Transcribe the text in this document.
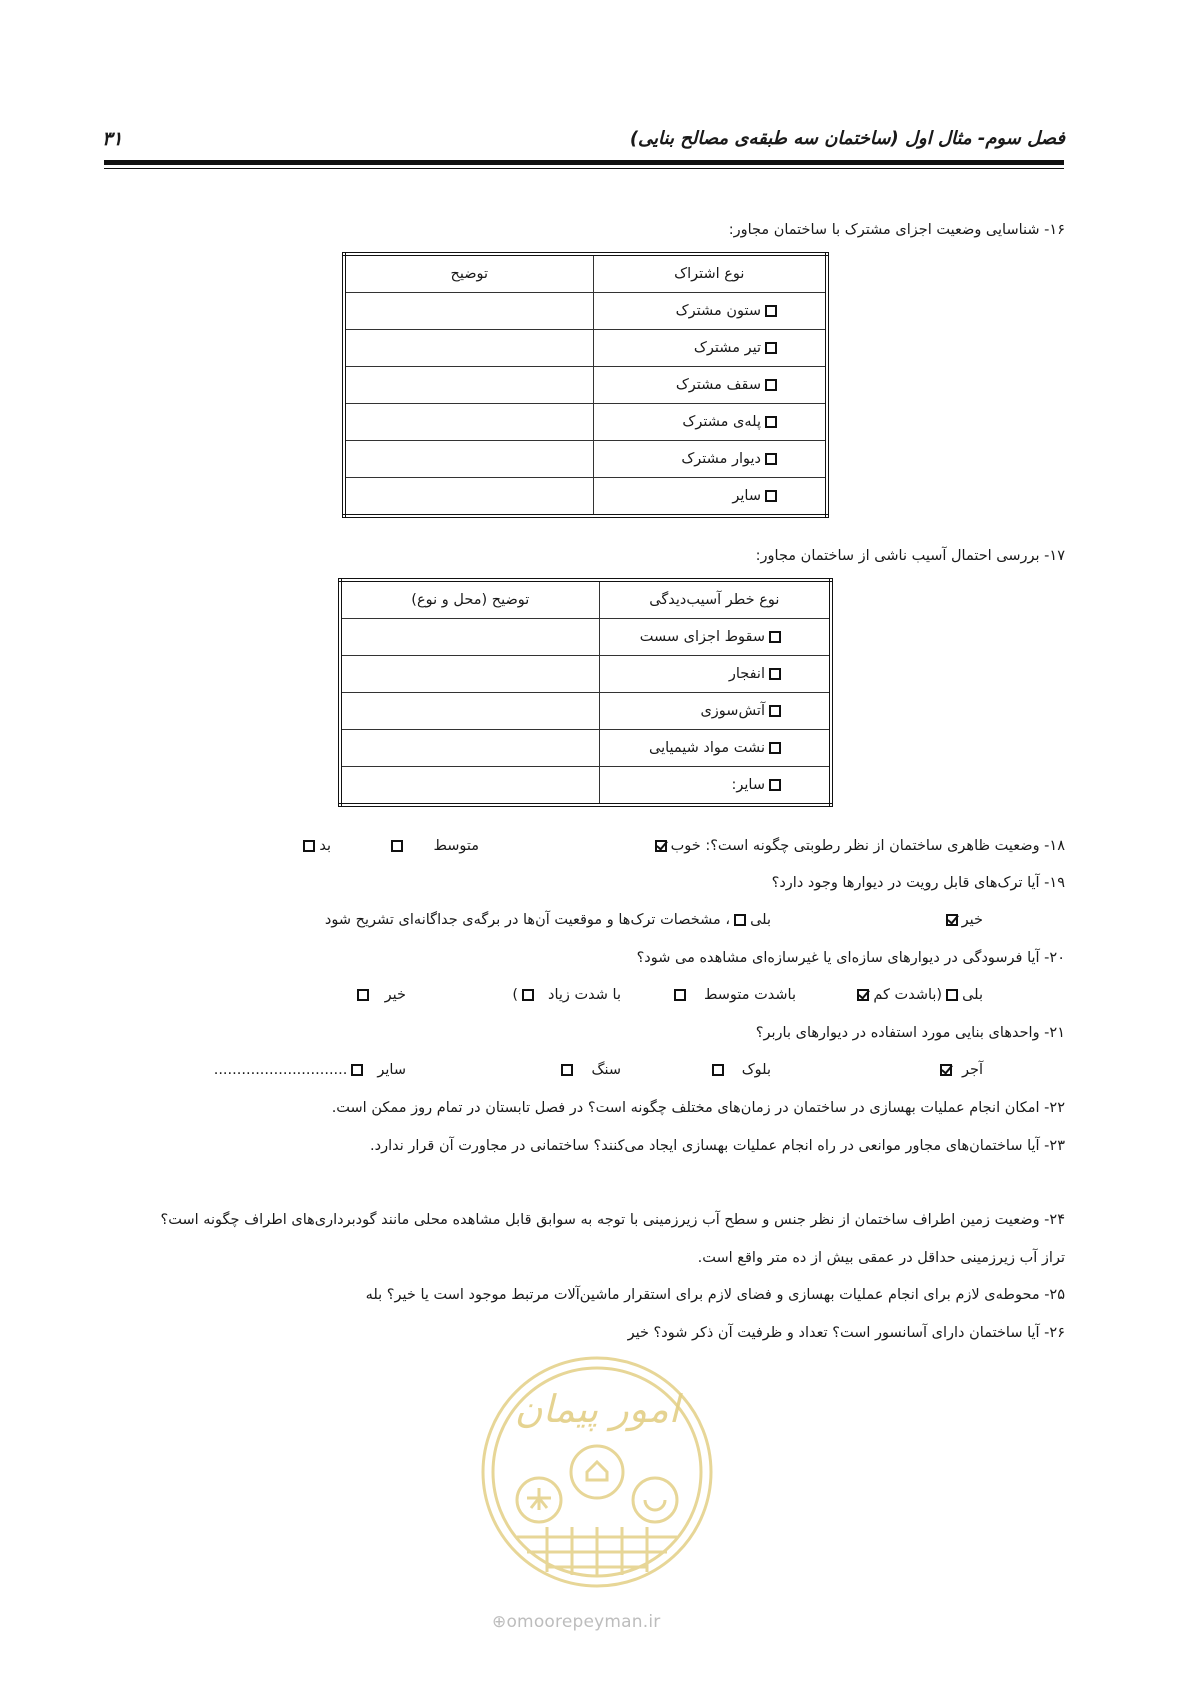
فصل سوم- مثال اول (ساختمان سه طبقه‌ی مصالح بنایی)
۳۱
۱۶- شناسایی وضعیت اجزای مشترک با ساختمان مجاور:
نوع اشتراک	توضیح
ستون مشترک	
تیر مشترک	
سقف مشترک	
پله‌ی مشترک	
دیوار مشترک	
سایر	
۱۷- بررسی احتمال آسیب ناشی از ساختمان مجاور:
نوع خطر آسیب‌دیدگی	توضیح (محل و نوع)
سقوط اجزای سست	
انفجار	
آتش‌سوزی	
نشت مواد شیمیایی	
سایر:	
۱۸- وضعیت ظاهری ساختمان از نظر رطوبتی چگونه است؟: خوب
متوسط
بد
۱۹- آیا ترک‌های قابل رویت در دیوارها وجود دارد؟
خیر
بلی، مشخصات ترک‌ها و موقعیت آن‌ها در برگه‌ی جداگانه‌ای تشریح شود
۲۰- آیا فرسودگی در دیوارهای سازه‌ای یا غیرسازه‌ای مشاهده می شود؟
بلی(باشدت کم
باشدت متوسط
با شدت زیاد)
خیر
۲۱- واحدهای بنایی مورد استفاده در دیوارهای باربر؟
آجر
بلوک
سنگ
سایر.............................
۲۲- امکان انجام عملیات بهسازی در ساختمان در زمان‌های مختلف چگونه است؟ در فصل تابستان در تمام روز ممکن است.
۲۳- آیا ساختمان‌های مجاور موانعی در راه انجام عملیات بهسازی ایجاد می‌کنند؟ ساختمانی در مجاورت آن قرار ندارد.
۲۴- وضعیت زمین اطراف ساختمان از نظر جنس و سطح آب زیرزمینی با توجه به سوابق قابل مشاهده محلی مانند گودبرداری‌های اطراف چگونه است؟
تراز آب زیرزمینی حداقل در عمقی بیش از ده متر واقع است.
۲۵- محوطه‌ی لازم برای انجام عملیات بهسازی و فضای لازم برای استقرار ماشین‌آلات مرتبط موجود است یا خیر؟ بله
۲۶- آیا ساختمان دارای آسانسور است؟ تعداد و ظرفیت آن ذکر شود؟ خیر
امور پیمان
⊕omoorepeyman.ir
